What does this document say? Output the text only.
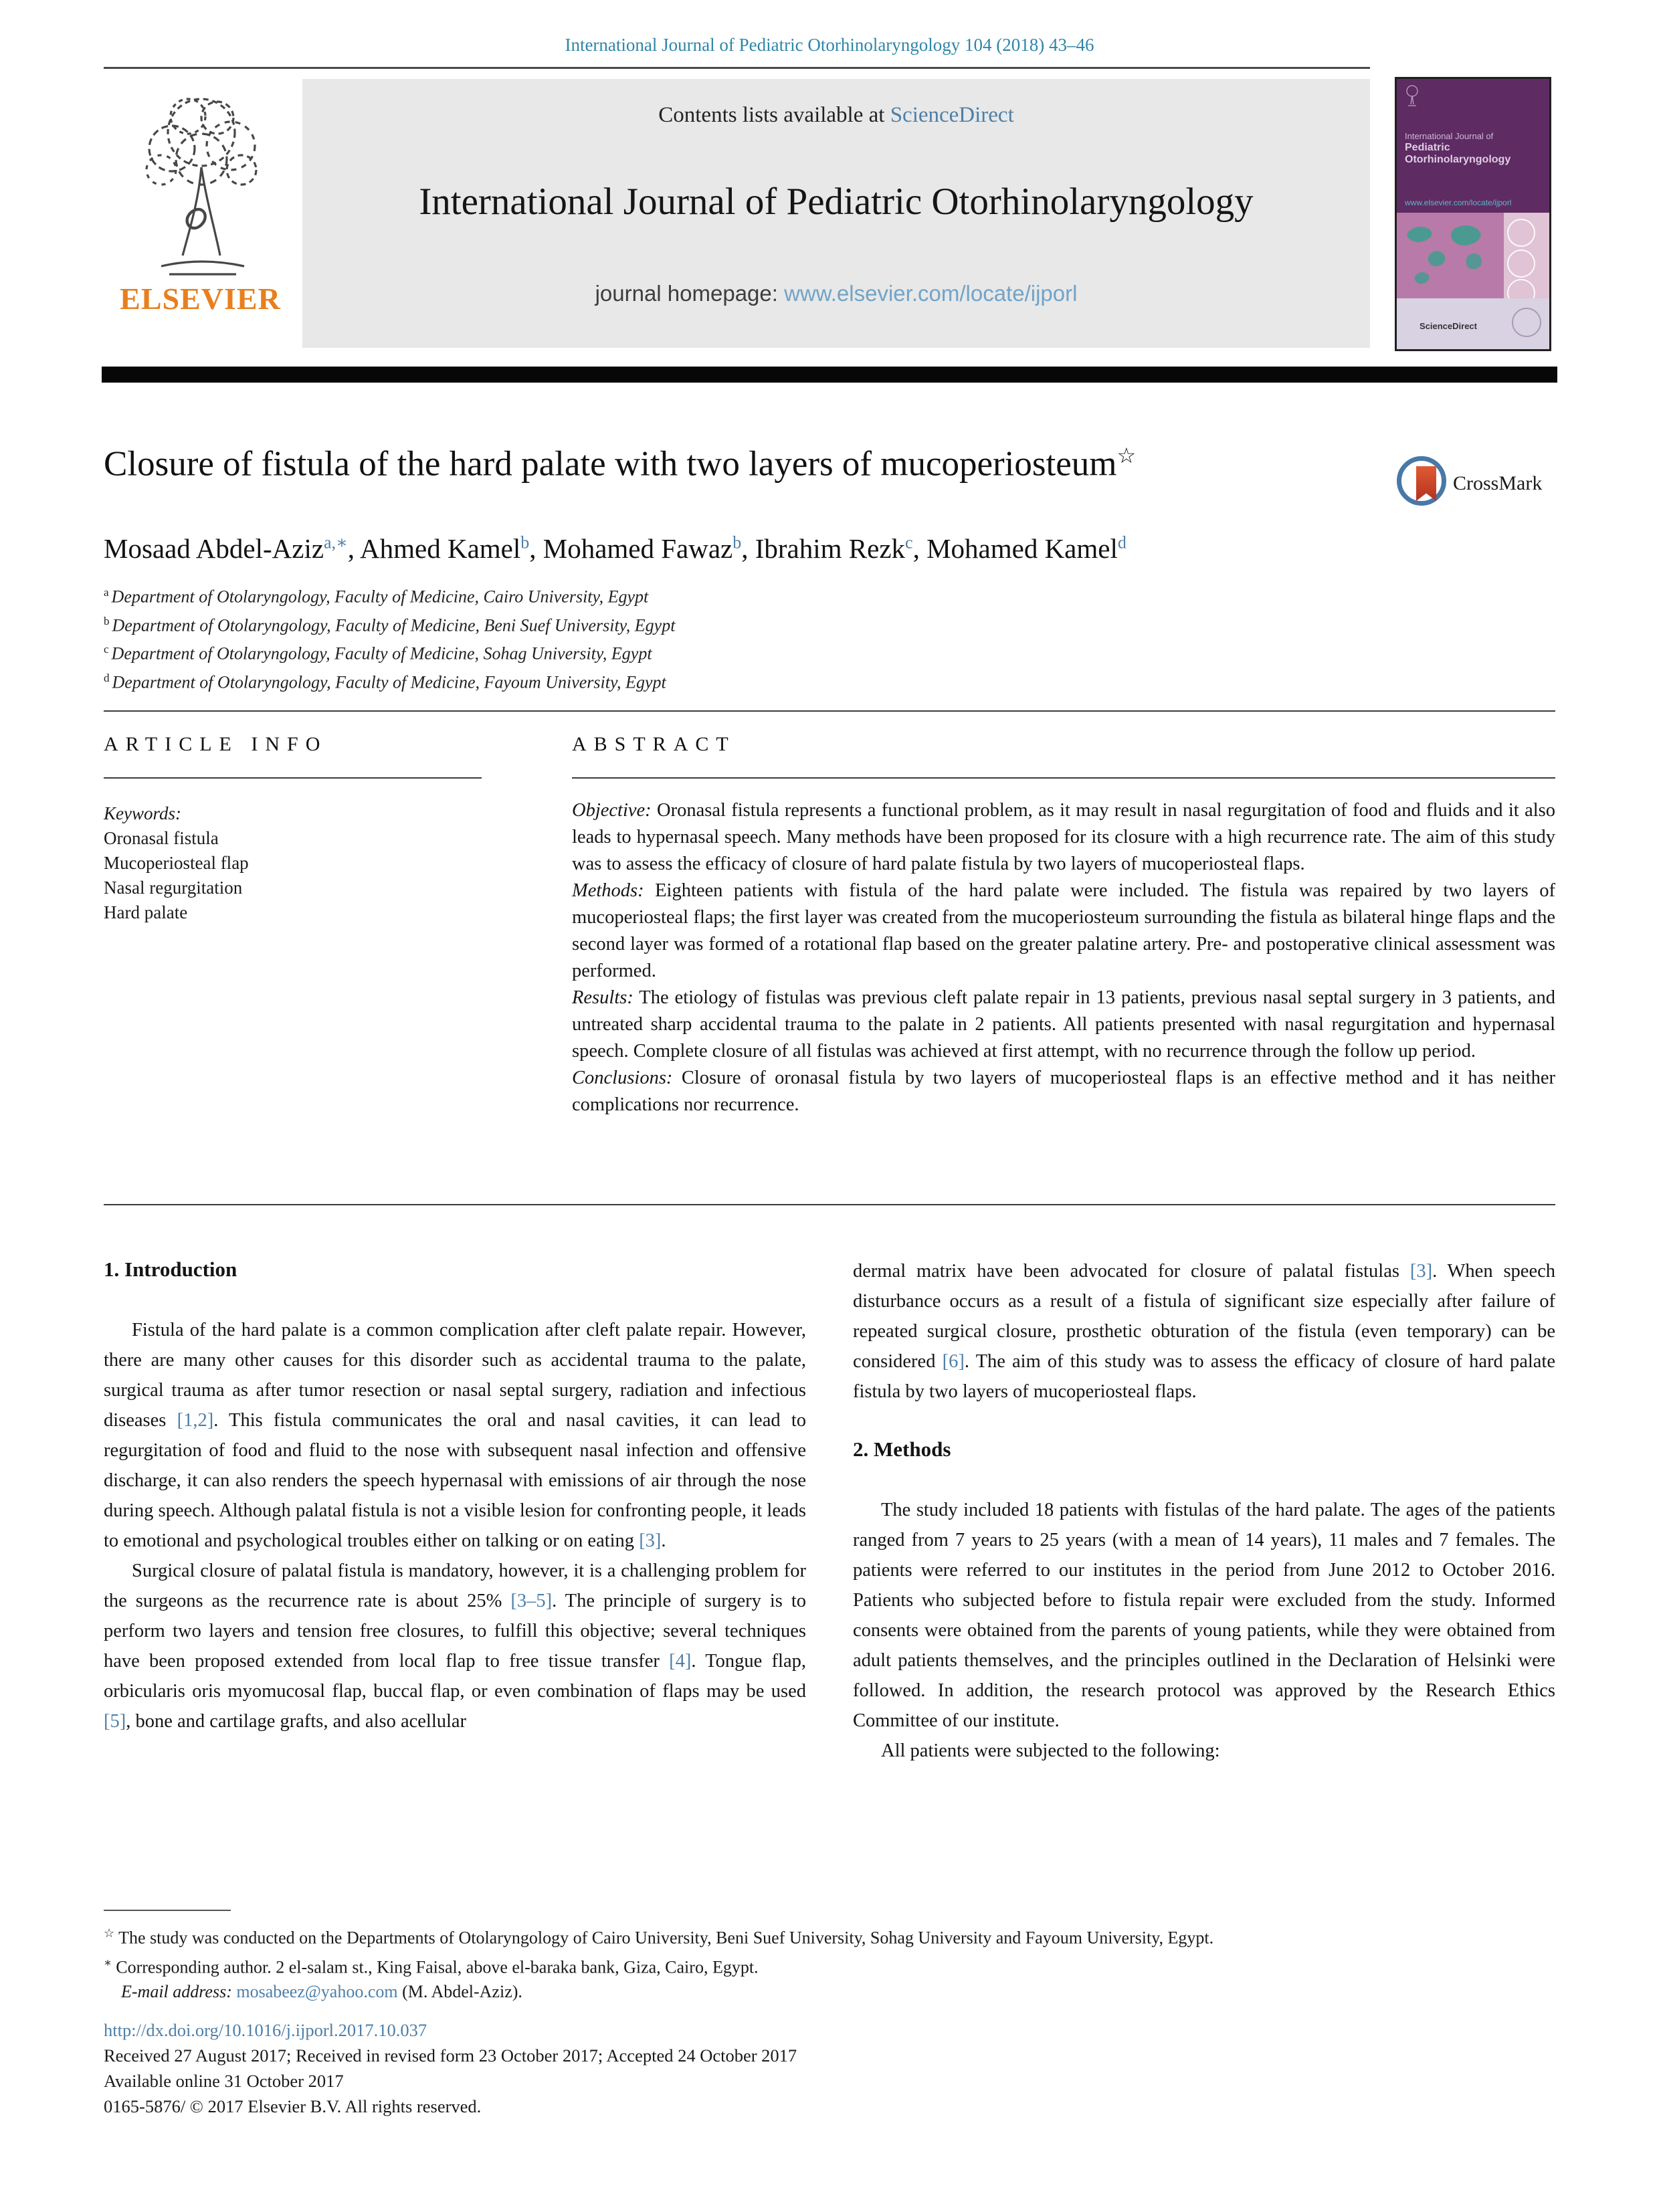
International Journal of Pediatric Otorhinolaryngology 104 (2018) 43–46
ELSEVIER
Contents lists available at ScienceDirect
International Journal of Pediatric Otorhinolaryngology
journal homepage: www.elsevier.com/locate/ijporl
International Journal of
Pediatric Otorhinolaryngology
www.elsevier.com/locate/ijporl
ScienceDirect
Closure of fistula of the hard palate with two layers of mucoperiosteum☆
CrossMark
Mosaad Abdel-Aziz$^{a,∗}$, Ahmed Kamel$^b$, Mohamed Fawaz$^b$, Ibrahim Rezk$^c$, Mohamed Kamel$^d$
$^a$ Department of Otolaryngology, Faculty of Medicine, Cairo University, Egypt
$^b$ Department of Otolaryngology, Faculty of Medicine, Beni Suef University, Egypt
$^c$ Department of Otolaryngology, Faculty of Medicine, Sohag University, Egypt
$^d$ Department of Otolaryngology, Faculty of Medicine, Fayoum University, Egypt
ARTICLE INFO	ABSTRACT
Keywords:
Oronasal fistula
Mucoperiosteal flap
Nasal regurgitation
Hard palate

Objective: Oronasal fistula represents a functional problem, as it may result in nasal regurgitation of food and fluids and it also leads to hypernasal speech. Many methods have been proposed for its closure with a high recurrence rate. The aim of this study was to assess the efficacy of closure of hard palate fistula by two layers of mucoperiosteal flaps.

Methods: Eighteen patients with fistula of the hard palate were included. The fistula was repaired by two layers of mucoperiosteal flaps; the first layer was created from the mucoperiosteum surrounding the fistula as bilateral hinge flaps and the second layer was formed of a rotational flap based on the greater palatine artery. Pre- and postoperative clinical assessment was performed.

Results: The etiology of fistulas was previous cleft palate repair in 13 patients, previous nasal septal surgery in 3 patients, and untreated sharp accidental trauma to the palate in 2 patients. All patients presented with nasal regurgitation and hypernasal speech. Complete closure of all fistulas was achieved at first attempt, with no recurrence through the follow up period.

Conclusions: Closure of oronasal fistula by two layers of mucoperiosteal flaps is an effective method and it has neither complications nor recurrence.

1. Introduction

Fistula of the hard palate is a common complication after cleft palate repair. However, there are many other causes for this disorder such as accidental trauma to the palate, surgical trauma as after tumor resection or nasal septal surgery, radiation and infectious diseases [1,2]. This fistula communicates the oral and nasal cavities, it can lead to regurgitation of food and fluid to the nose with subsequent nasal infection and offensive discharge, it can also renders the speech hypernasal with emissions of air through the nose during speech. Although palatal fistula is not a visible lesion for confronting people, it leads to emotional and psychological troubles either on talking or on eating [3].

Surgical closure of palatal fistula is mandatory, however, it is a challenging problem for the surgeons as the recurrence rate is about 25% [3–5]. The principle of surgery is to perform two layers and tension free closures, to fulfill this objective; several techniques have been proposed extended from local flap to free tissue transfer [4]. Tongue flap, orbicularis oris myomucosal flap, buccal flap, or even combination of flaps may be used [5], bone and cartilage grafts, and also acellular

dermal matrix have been advocated for closure of palatal fistulas [3]. When speech disturbance occurs as a result of a fistula of significant size especially after failure of repeated surgical closure, prosthetic obturation of the fistula (even temporary) can be considered [6]. The aim of this study was to assess the efficacy of closure of hard palate fistula by two layers of mucoperiosteal flaps.

2. Methods

The study included 18 patients with fistulas of the hard palate. The ages of the patients ranged from 7 years to 25 years (with a mean of 14 years), 11 males and 7 females. The patients were referred to our institutes in the period from June 2012 to October 2016. Patients who subjected before to fistula repair were excluded from the study. Informed consents were obtained from the parents of young patients, while they were obtained from adult patients themselves, and the principles outlined in the Declaration of Helsinki were followed. In addition, the research protocol was approved by the Research Ethics Committee of our institute.

All patients were subjected to the following:

☆ The study was conducted on the Departments of Otolaryngology of Cairo University, Beni Suef University, Sohag University and Fayoum University, Egypt.
∗ Corresponding author. 2 el-salam st., King Faisal, above el-baraka bank, Giza, Cairo, Egypt.
E-mail address: mosabeez@yahoo.com (M. Abdel-Aziz).
http://dx.doi.org/10.1016/j.ijporl.2017.10.037
Received 27 August 2017; Received in revised form 23 October 2017; Accepted 24 October 2017
Available online 31 October 2017
0165-5876/ © 2017 Elsevier B.V. All rights reserved.
